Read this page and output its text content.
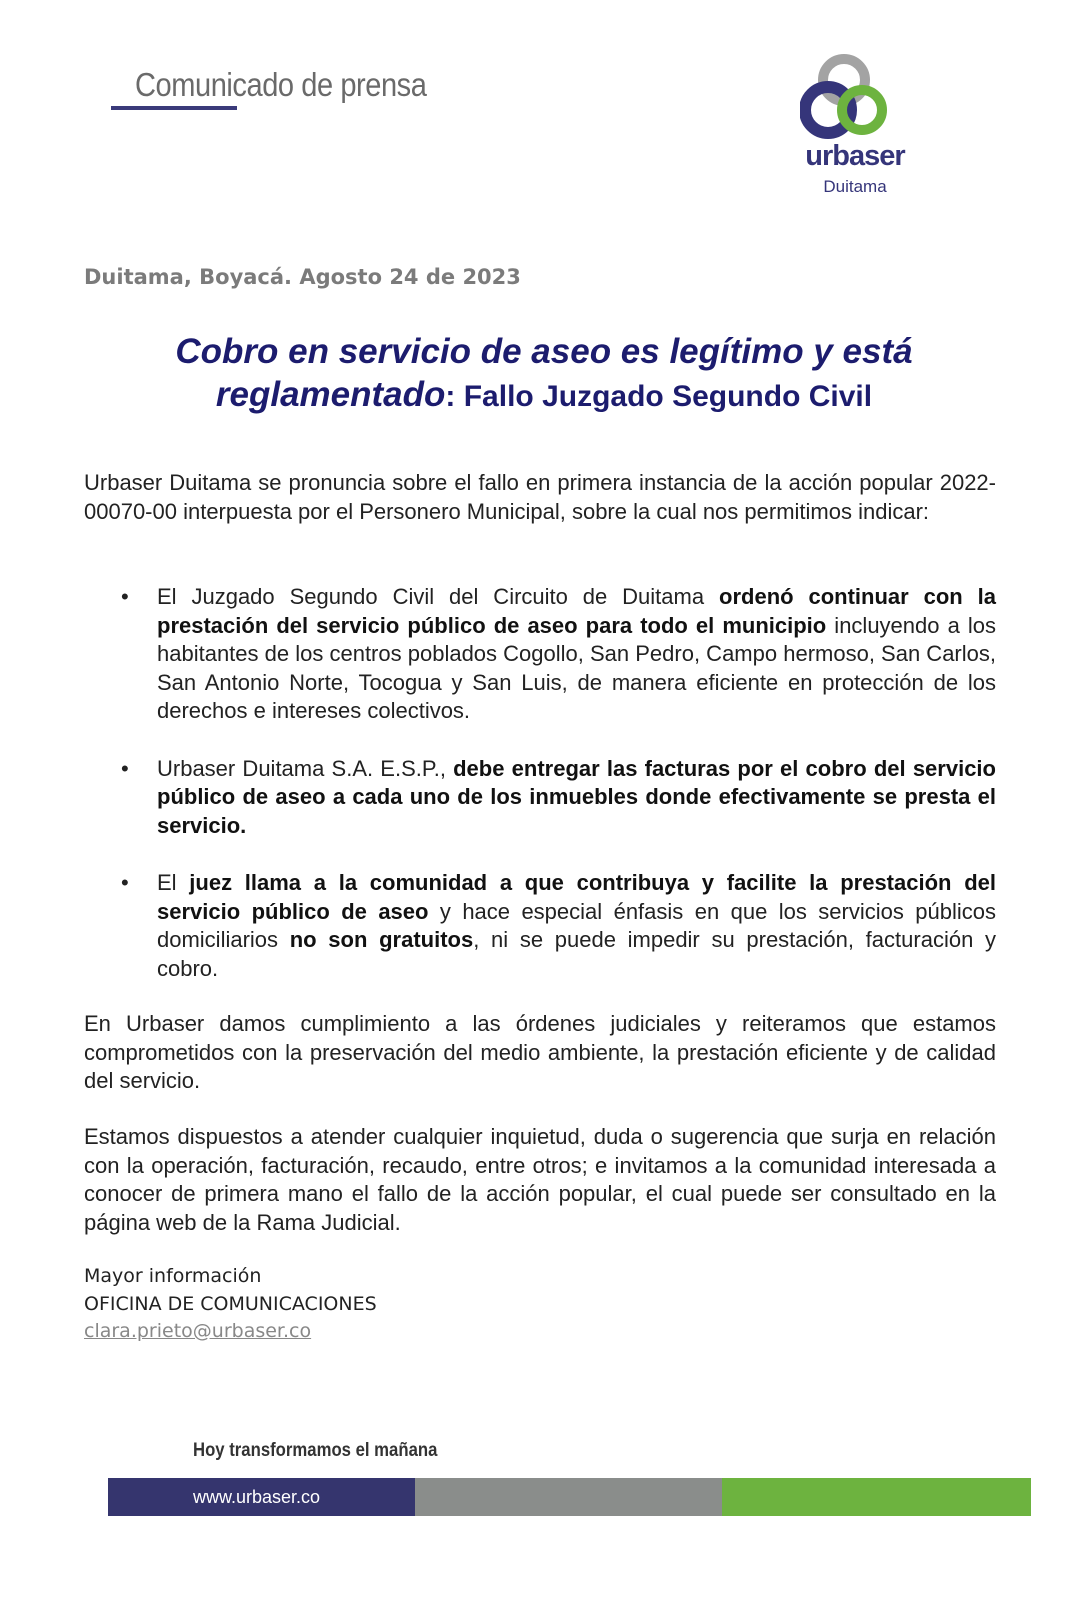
Comunicado de prensa
urbaser
Duitama
Duitama, Boyacá. Agosto 24 de 2023
Cobro en servicio de aseo es legítimo y está
reglamentado: Fallo Juzgado Segundo Civil
Urbaser Duitama se pronuncia sobre el fallo en primera instancia de la acción popular 2022-00070-00 interpuesta por el Personero Municipal, sobre la cual nos permitimos indicar:
• El Juzgado Segundo Civil del Circuito de Duitama ordenó continuar con la prestación del servicio público de aseo para todo el municipio incluyendo a los habitantes de los centros poblados Cogollo, San Pedro, Campo hermoso, San Carlos, San Antonio Norte, Tocogua y San Luis, de manera eficiente en protección de los derechos e intereses colectivos.
• Urbaser Duitama S.A. E.S.P., debe entregar las facturas por el cobro del servicio público de aseo a cada uno de los inmuebles donde efectivamente se presta el servicio.
• El juez llama a la comunidad a que contribuya y facilite la prestación del servicio público de aseo y hace especial énfasis en que los servicios públicos domiciliarios no son gratuitos, ni se puede impedir su prestación, facturación y cobro.
En Urbaser damos cumplimiento a las órdenes judiciales y reiteramos que estamos comprometidos con la preservación del medio ambiente, la prestación eficiente y de calidad del servicio.
Estamos dispuestos a atender cualquier inquietud, duda o sugerencia que surja en relación con la operación, facturación, recaudo, entre otros; e invitamos a la comunidad interesada a conocer de primera mano el fallo de la acción popular, el cual puede ser consultado en la página web de la Rama Judicial.
Mayor información
OFICINA DE COMUNICACIONES
clara.prieto@urbaser.co
Hoy transformamos el mañana
www.urbaser.co
